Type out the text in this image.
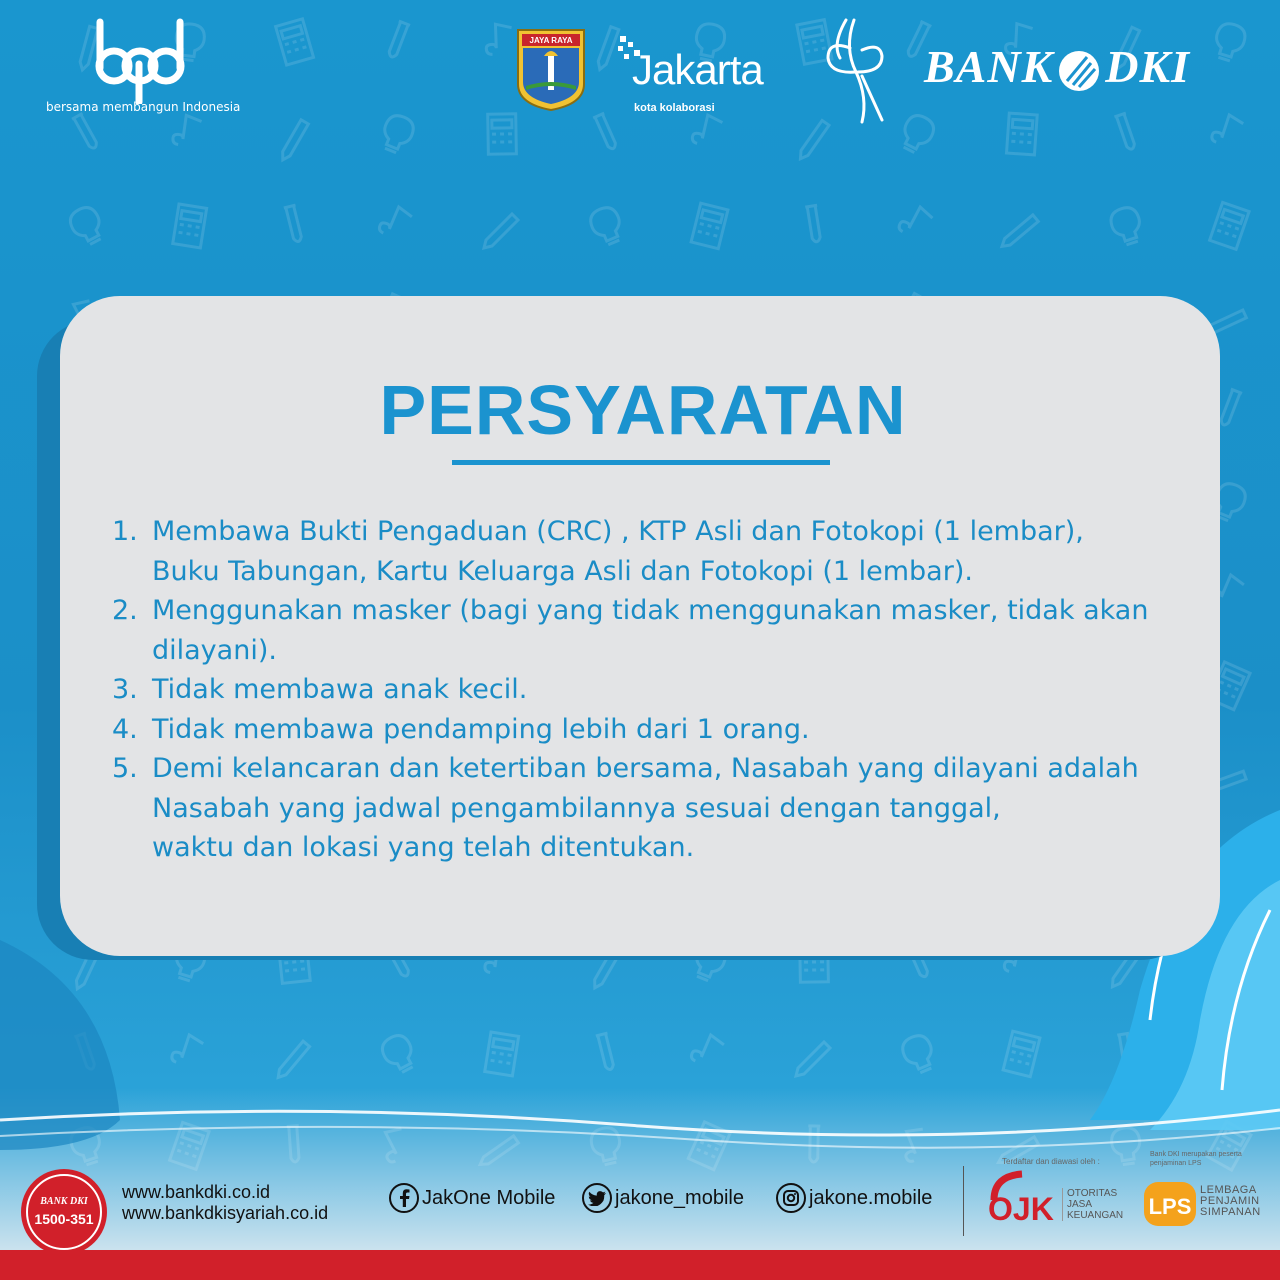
bersama membangun Indonesia
JAYA RAYA
Jakarta
kota kolaborasi
BANK DKI
PERSYARATAN
1. Membawa Bukti Pengaduan (CRC) , KTP Asli dan Fotokopi (1 lembar),
Buku Tabungan, Kartu Keluarga Asli dan Fotokopi (1 lembar).
2. Menggunakan masker (bagi yang tidak menggunakan masker, tidak akan
dilayani).
3. Tidak membawa anak kecil.
4. Tidak membawa pendamping lebih dari 1 orang.
5. Demi kelancaran dan ketertiban bersama, Nasabah yang dilayani adalah
Nasabah yang jadwal pengambilannya sesuai dengan tanggal,
waktu dan lokasi yang telah ditentukan.
BANK DKI
1500-351
www.bankdki.co.id
www.bankdkisyariah.co.id
JakOne Mobile	jakone_mobile	jakone.mobile
Terdaftar dan diawasi oleh :
OJK OTORITAS
JASA
KEUANGAN
Bank DKI merupakan peserta penjaminan LPS
LPS
LEMBAGA
PENJAMIN
SIMPANAN
